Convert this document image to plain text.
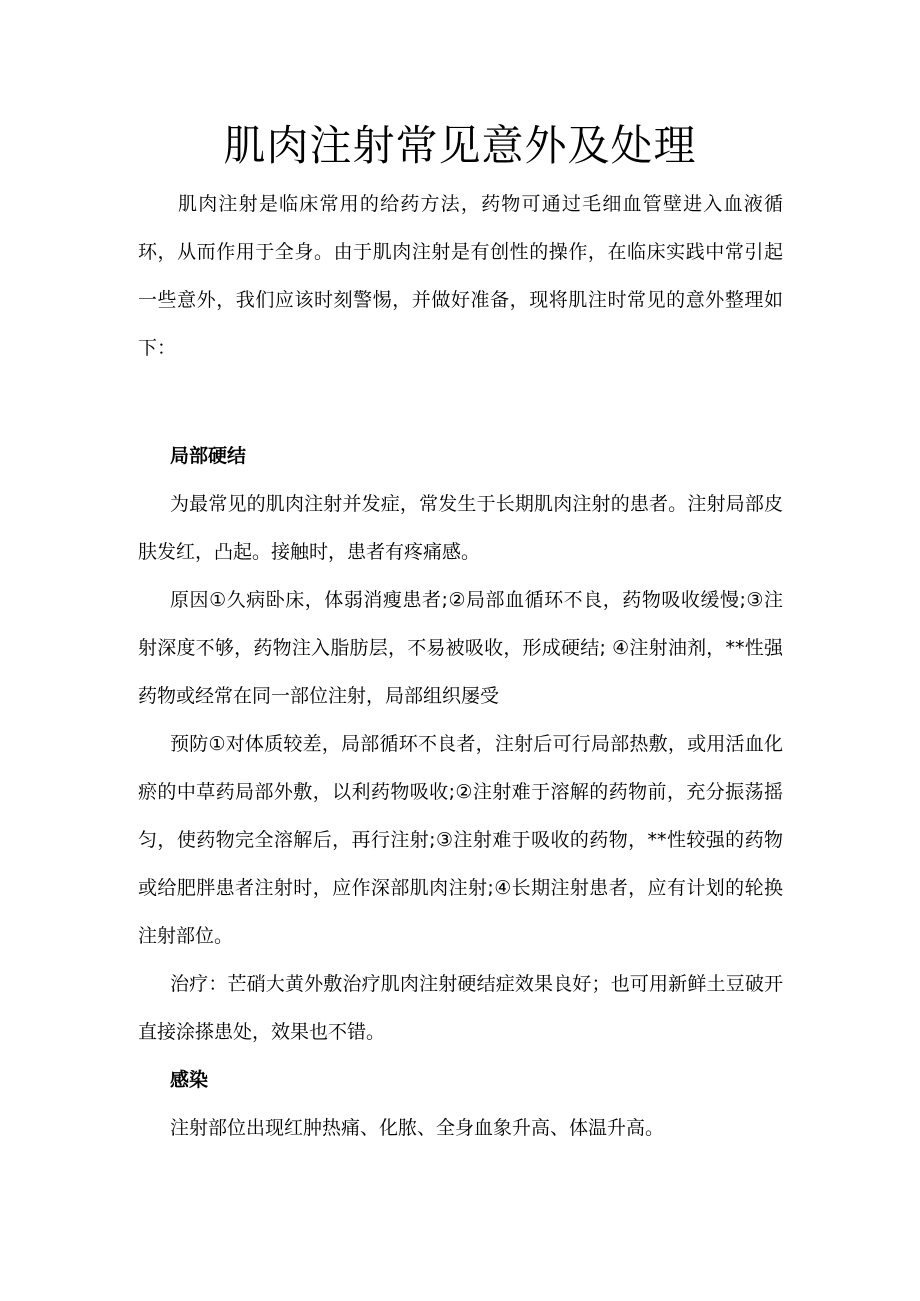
肌肉注射常见意外及处理

肌肉注射是临床常用的给药方法，药物可通过毛细血管壁进入血液循环，从而作用于全身。由于肌肉注射是有创性的操作，在临床实践中常引起一些意外，我们应该时刻警惕，并做好准备，现将肌注时常见的意外整理如下：

局部硬结

为最常见的肌肉注射并发症，常发生于长期肌肉注射的患者。注射局部皮肤发红，凸起。接触时，患者有疼痛感。

原因①久病卧床，体弱消瘦患者;②局部血循环不良，药物吸收缓慢;③注射深度不够，药物注入脂肪层，不易被吸收，形成硬结; ④注射油剂，**性强药物或经常在同一部位注射，局部组织屡受

预防①对体质较差，局部循环不良者，注射后可行局部热敷，或用活血化瘀的中草药局部外敷，以利药物吸收;②注射难于溶解的药物前，充分振荡摇匀，使药物完全溶解后，再行注射;③注射难于吸收的药物，**性较强的药物或给肥胖患者注射时，应作深部肌肉注射;④长期注射患者，应有计划的轮换注射部位。

治疗：芒硝大黄外敷治疗肌肉注射硬结症效果良好；也可用新鲜土豆破开直接涂搽患处，效果也不错。

感染

注射部位出现红肿热痛、化脓、全身血象升高、体温升高。
